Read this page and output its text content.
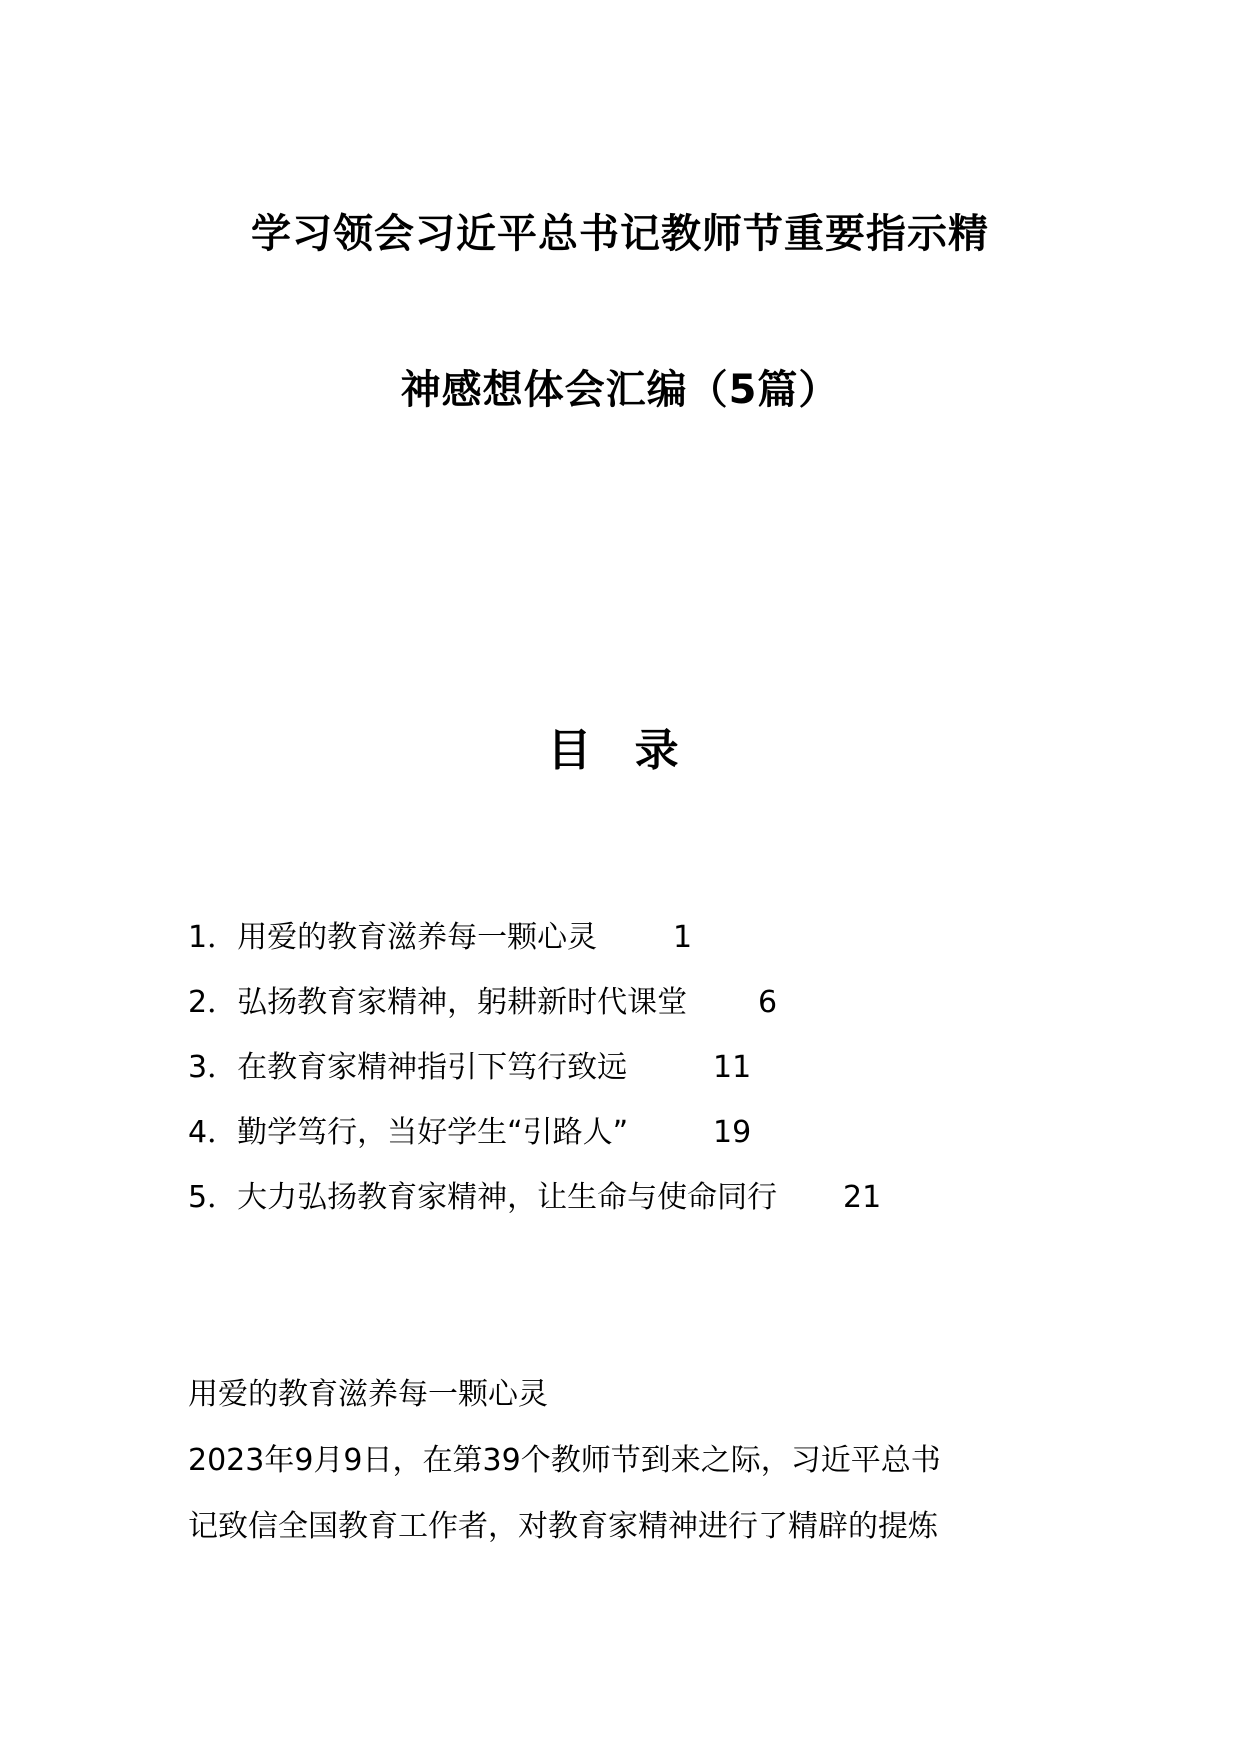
学习领会习近平总书记教师节重要指示精
神感想体会汇编（5篇）
目 录
1．用爱的教育滋养每一颗心灵	1
2．弘扬教育家精神，躬耕新时代课堂 6
3．在教育家精神指引下笃行致远	11
4．勤学笃行，当好学生“引路人”	19
5．大力弘扬教育家精神，让生命与使命同行 21
用爱的教育滋养每一颗心灵
2023年9月9日，在第39个教师节到来之际，习近平总书
记致信全国教育工作者，对教育家精神进行了精辟的提炼
